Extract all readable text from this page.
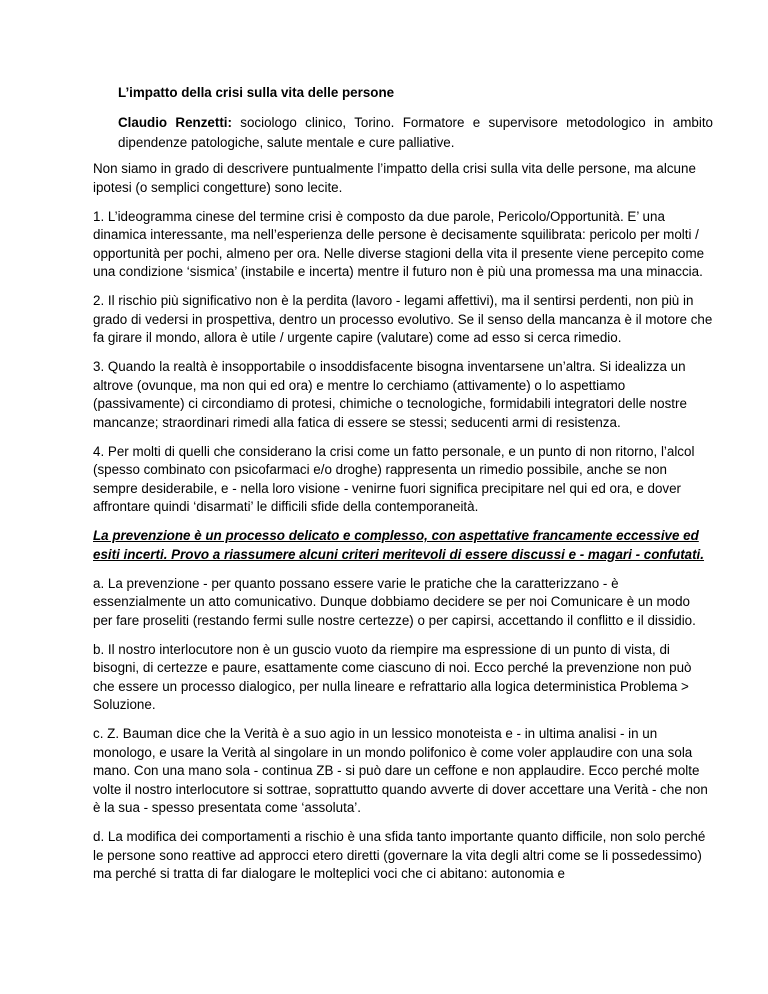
L’impatto della crisi sulla vita delle persone
Claudio Renzetti: sociologo clinico, Torino. Formatore e supervisore metodologico in ambito dipendenze patologiche, salute mentale e cure palliative.

Non siamo in grado di descrivere puntualmente l’impatto della crisi sulla vita delle persone, ma alcune ipotesi (o semplici congetture) sono lecite.

1. L’ideogramma cinese del termine crisi è composto da due parole, Pericolo/Opportunità. E’ una dinamica interessante, ma nell’esperienza delle persone è decisamente squilibrata: pericolo per molti / opportunità per pochi, almeno per ora. Nelle diverse stagioni della vita il presente viene percepito come una condizione ‘sismica’ (instabile e incerta) mentre il futuro non è più una promessa ma una minaccia.

2. Il rischio più significativo non è la perdita (lavoro - legami affettivi), ma il sentirsi perdenti, non più in grado di vedersi in prospettiva, dentro un processo evolutivo. Se il senso della mancanza è il motore che fa girare il mondo, allora è utile / urgente capire (valutare) come ad esso si cerca rimedio.

3. Quando la realtà è insopportabile o insoddisfacente bisogna inventarsene un’altra. Si idealizza un altrove (ovunque, ma non qui ed ora) e mentre lo cerchiamo (attivamente) o lo aspettiamo (passivamente) ci circondiamo di protesi, chimiche o tecnologiche, formidabili integratori delle nostre mancanze; straordinari rimedi alla fatica di essere se stessi; seducenti armi di resistenza.

4. Per molti di quelli che considerano la crisi come un fatto personale, e un punto di non ritorno, l’alcol (spesso combinato con psicofarmaci e/o droghe) rappresenta un rimedio possibile, anche se non sempre desiderabile, e - nella loro visione - venirne fuori significa precipitare nel qui ed ora, e dover affrontare quindi ‘disarmati’ le difficili sfide della contemporaneità.

La prevenzione è un processo delicato e complesso, con aspettative francamente eccessive ed esiti incerti. Provo a riassumere alcuni criteri meritevoli di essere discussi e - magari - confutati.

a. La prevenzione - per quanto possano essere varie le pratiche che la caratterizzano - è essenzialmente un atto comunicativo. Dunque dobbiamo decidere se per noi Comunicare è un modo per fare proseliti (restando fermi sulle nostre certezze) o per capirsi, accettando il conflitto e il dissidio.

b. Il nostro interlocutore non è un guscio vuoto da riempire ma espressione di un punto di vista, di bisogni, di certezze e paure, esattamente come ciascuno di noi. Ecco perché la prevenzione non può che essere un processo dialogico, per nulla lineare e refrattario alla logica deterministica Problema > Soluzione.

c. Z. Bauman dice che la Verità è a suo agio in un lessico monoteista e - in ultima analisi - in un monologo, e usare la Verità al singolare in un mondo polifonico è come voler applaudire con una sola mano. Con una mano sola - continua ZB - si può dare un ceffone e non applaudire. Ecco perché molte volte il nostro interlocutore si sottrae, soprattutto quando avverte di dover accettare una Verità - che non è la sua - spesso presentata come ‘assoluta’.

d. La modifica dei comportamenti a rischio è una sfida tanto importante quanto difficile, non solo perché le persone sono reattive ad approcci etero diretti (governare la vita degli altri come se li possedessimo) ma perché si tratta di far dialogare le molteplici voci che ci abitano: autonomia e
